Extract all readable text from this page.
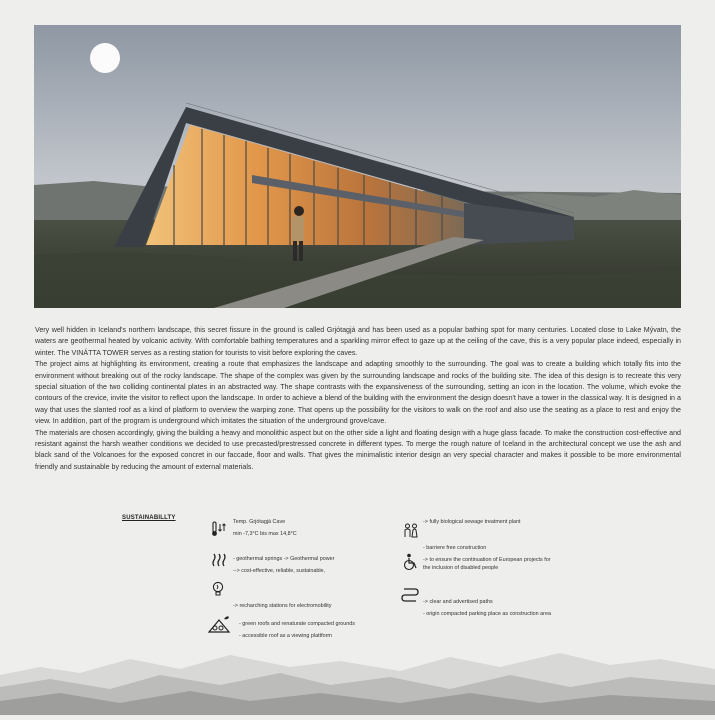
Very well hidden in Iceland's northern landscape, this secret fissure in the ground is called Grjótagjá and has been used as a popular bathing spot for many centuries. Located close to Lake Mývatn, the waters are geothermal heated by volcanic activity. With comfortable bathing temperatures and a sparkling mirror effect to gaze up at the ceiling of the cave, this is a very popular place indeed, especially in winter. The VINÁTTA TOWER serves as a resting station for tourists to visit before exploring the caves.

The project aims at highlighting its environment, creating a route that emphasizes the landscape and adapting smoothly to the surrounding. The goal was to create a building which totally fits into the environment without breaking out of the rocky landscape. The shape of the complex was given by the surrounding landscape and rocks of the building site. The idea of this design is to recreate this very special situation of the two colliding continental plates in an abstracted way. The shape contrasts with the expansiveness of the surrounding, setting an icon in the location. The volume, which evoke the contours of the crevice, invite the visitor to reflect upon the landscape. In order to achieve a blend of the building with the environment the design doesn't have a tower in the classical way. It is designed in a way that uses the slanted roof as a kind of platform to overview the warping zone. That opens up the possibility for the visitors to walk on the roof and also use the seating as a place to rest and enjoy the view. In addition, part of the program is underground which imitates the situation of the underground grove/cave.

The materials are chosen accordingly, giving the building a heavy and monolithic aspect but on the other side a light and floating design with a huge glass facade. To make the construction cost-effective and resistant against the harsh weather conditions we decided to use precasted/prestressed concrete in different types. To merge the rough nature of Iceland in the architectural concept we use the ash and black sand of the Volcanoes for the exposed concret in our faccade, floor and walls. That gives the minimalistic interior design an very special character and makes it possible to be more environmental friendly and sustainable by reducing the amount of external materials.

SUSTAINABILLTY
Temp. Grjótagjá Cave
min -7,3°C bis max 14,8°C
- geothermal springs -> Geothermal power
--> cost-effective, reliable, sustainable,
-> recharching stations for electromobility
- green roofs and renaturate compacted grounds
- accessible roof as a viewing plattform
-> fully biological sewage treatment plant
- barriere free construction
-> to ensure the continuation of European projects for
the inclusion of disabled people
-> clear and advertised paths
- origin compacted parking place as construction area
